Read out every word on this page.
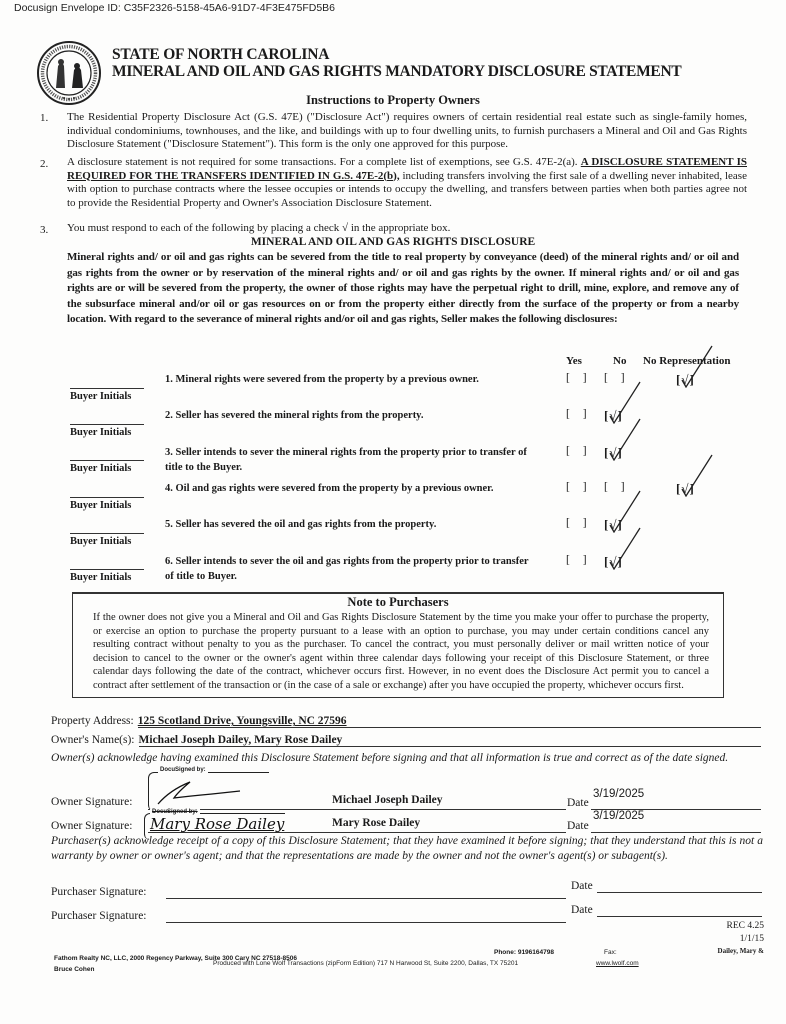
Docusign Envelope ID: C35F2326-5158-45A6-91D7-4F3E475FD5B6
STATE OF NORTH CAROLINA
MINERAL AND OIL AND GAS RIGHTS MANDATORY DISCLOSURE STATEMENT
Instructions to Property Owners
1. The Residential Property Disclosure Act (G.S. 47E) ("Disclosure Act") requires owners of certain residential real estate such as single-family homes, individual condominiums, townhouses, and the like, and buildings with up to four dwelling units, to furnish purchasers a Mineral and Oil and Gas Rights Disclosure Statement ("Disclosure Statement"). This form is the only one approved for this purpose.
2. A disclosure statement is not required for some transactions. For a complete list of exemptions, see G.S. 47E-2(a). A DISCLOSURE STATEMENT IS REQUIRED FOR THE TRANSFERS IDENTIFIED IN G.S. 47E-2(b), including transfers involving the first sale of a dwelling never inhabited, lease with option to purchase contracts where the lessee occupies or intends to occupy the dwelling, and transfers between parties when both parties agree not to provide the Residential Property and Owner's Association Disclosure Statement.
3. You must respond to each of the following by placing a check √ in the appropriate box.
MINERAL AND OIL AND GAS RIGHTS DISCLOSURE
Mineral rights and/ or oil and gas rights can be severed from the title to real property by conveyance (deed) of the mineral rights and/ or oil and gas rights from the owner or by reservation of the mineral rights and/ or oil and gas rights by the owner. If mineral rights and/ or oil and gas rights are or will be severed from the property, the owner of those rights may have the perpetual right to drill, mine, explore, and remove any of the subsurface mineral and/or oil or gas resources on or from the property either directly from the surface of the property or from a nearby location. With regard to the severance of mineral rights and/or oil and gas rights, Seller makes the following disclosures:
Yes	No No Representation
Buyer Initials
1. Mineral rights were severed from the property by a previous owner.	[ ] [ ]	[√]
Buyer Initials
2. Seller has severed the mineral rights from the property.	[ ] [√]
Buyer Initials
3. Seller intends to sever the mineral rights from the property prior to transfer of title to the Buyer.
[ ] [√]
Buyer Initials
4. Oil and gas rights were severed from the property by a previous owner.	[ ] [ ]	[√]
Buyer Initials
5. Seller has severed the oil and gas rights from the property.	[ ] [√]
Buyer Initials
6. Seller intends to sever the oil and gas rights from the property prior to transfer of title to Buyer.
[ ] [√]
Note to Purchasers
If the owner does not give you a Mineral and Oil and Gas Rights Disclosure Statement by the time you make your offer to purchase the property, or exercise an option to purchase the property pursuant to a lease with an option to purchase, you may under certain conditions cancel any resulting contract without penalty to you as the purchaser. To cancel the contract, you must personally deliver or mail written notice of your decision to cancel to the owner or the owner's agent within three calendar days following your receipt of this Disclosure Statement, or three calendar days following the date of the contract, whichever occurs first. However, in no event does the Disclosure Act permit you to cancel a contract after settlement of the transaction or (in the case of a sale or exchange) after you have occupied the property, whichever occurs first.
Property Address: 125 Scotland Drive, Youngsville, NC 27596
Owner's Name(s): Michael Joseph Dailey, Mary Rose Dailey
Owner(s) acknowledge having examined this Disclosure Statement before signing and that all information is true and correct as of the date signed.
DocuSigned by:
Owner Signature:	Michael Joseph Dailey	Date
3/19/2025
DocuSigned by:
Mary Rose Dailey
Owner Signature:	Mary Rose Dailey	Date
3/19/2025
Purchaser(s) acknowledge receipt of a copy of this Disclosure Statement; that they have examined it before signing; that they understand that this is not a warranty by owner or owner's agent; and that the representations are made by the owner and not the owner's agent(s) or subagent(s).
Purchaser Signature:	Date
Purchaser Signature:	Date
REC 4.25
1/1/15
Dailey, Mary &
Fathom Realty NC, LLC, 2000 Regency Parkway, Suite 300 Cary NC 27518-8506
Bruce Cohen
Phone: 9196164798	Fax:
Produced with Lone Wolf Transactions (zipForm Edition) 717 N Harwood St, Suite 2200, Dallas, TX 75201	www.lwolf.com
